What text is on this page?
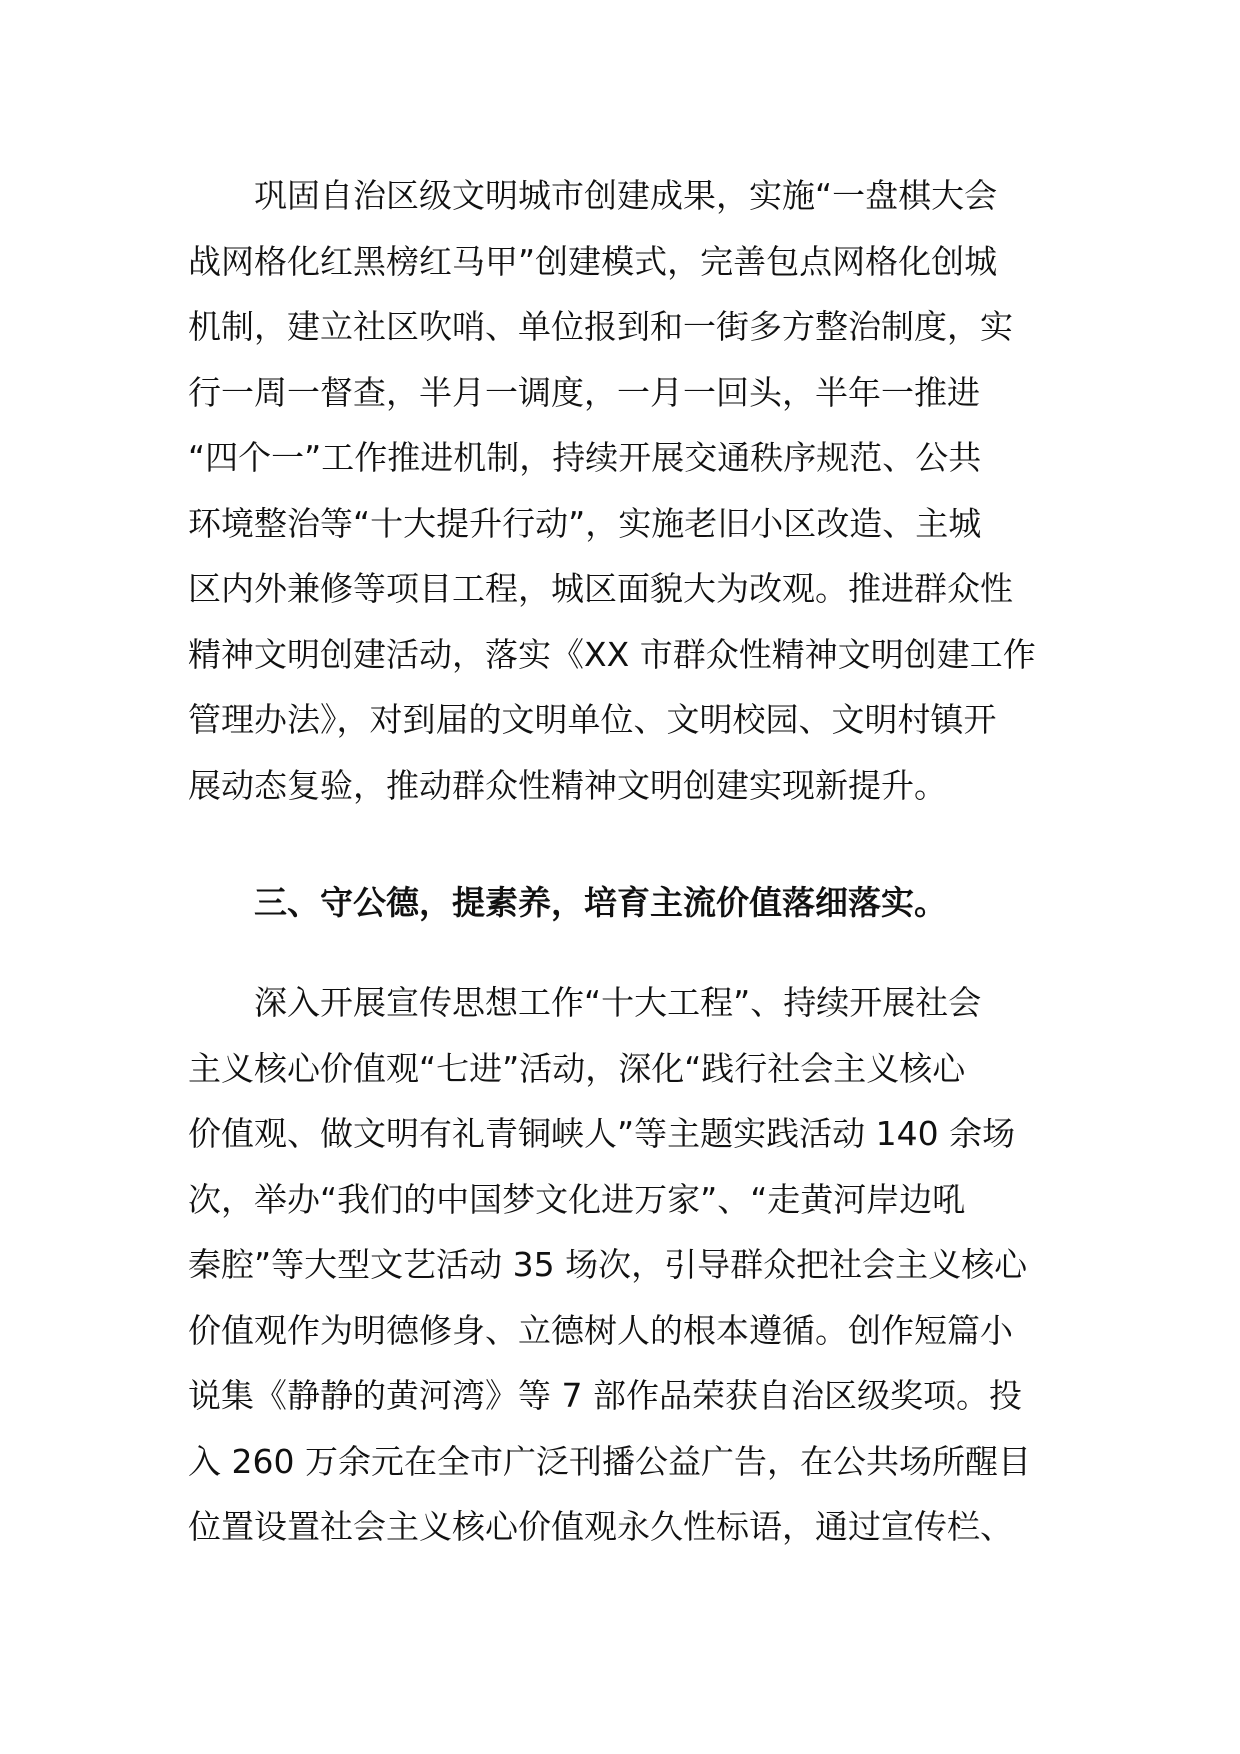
巩固自治区级文明城市创建成果，实施“一盘棋大会
战网格化红黑榜红马甲”创建模式，完善包点网格化创城
机制，建立社区吹哨、单位报到和一街多方整治制度，实
行一周一督查，半月一调度，一月一回头，半年一推进
“四个一”工作推进机制，持续开展交通秩序规范、公共
环境整治等“十大提升行动”，实施老旧小区改造、主城
区内外兼修等项目工程，城区面貌大为改观。推进群众性
精神文明创建活动，落实《XX 市群众性精神文明创建工作
管理办法》，对到届的文明单位、文明校园、文明村镇开
展动态复验，推动群众性精神文明创建实现新提升。
三、守公德，提素养，培育主流价值落细落实。
深入开展宣传思想工作“十大工程”、持续开展社会
主义核心价值观“七进”活动，深化“践行社会主义核心
价值观、做文明有礼青铜峡人”等主题实践活动 140 余场
次，举办“我们的中国梦文化进万家”、“走黄河岸边吼
秦腔”等大型文艺活动 35 场次，引导群众把社会主义核心
价值观作为明德修身、立德树人的根本遵循。创作短篇小
说集《静静的黄河湾》等 7 部作品荣获自治区级奖项。投
入 260 万余元在全市广泛刊播公益广告，在公共场所醒目
位置设置社会主义核心价值观永久性标语，通过宣传栏、
